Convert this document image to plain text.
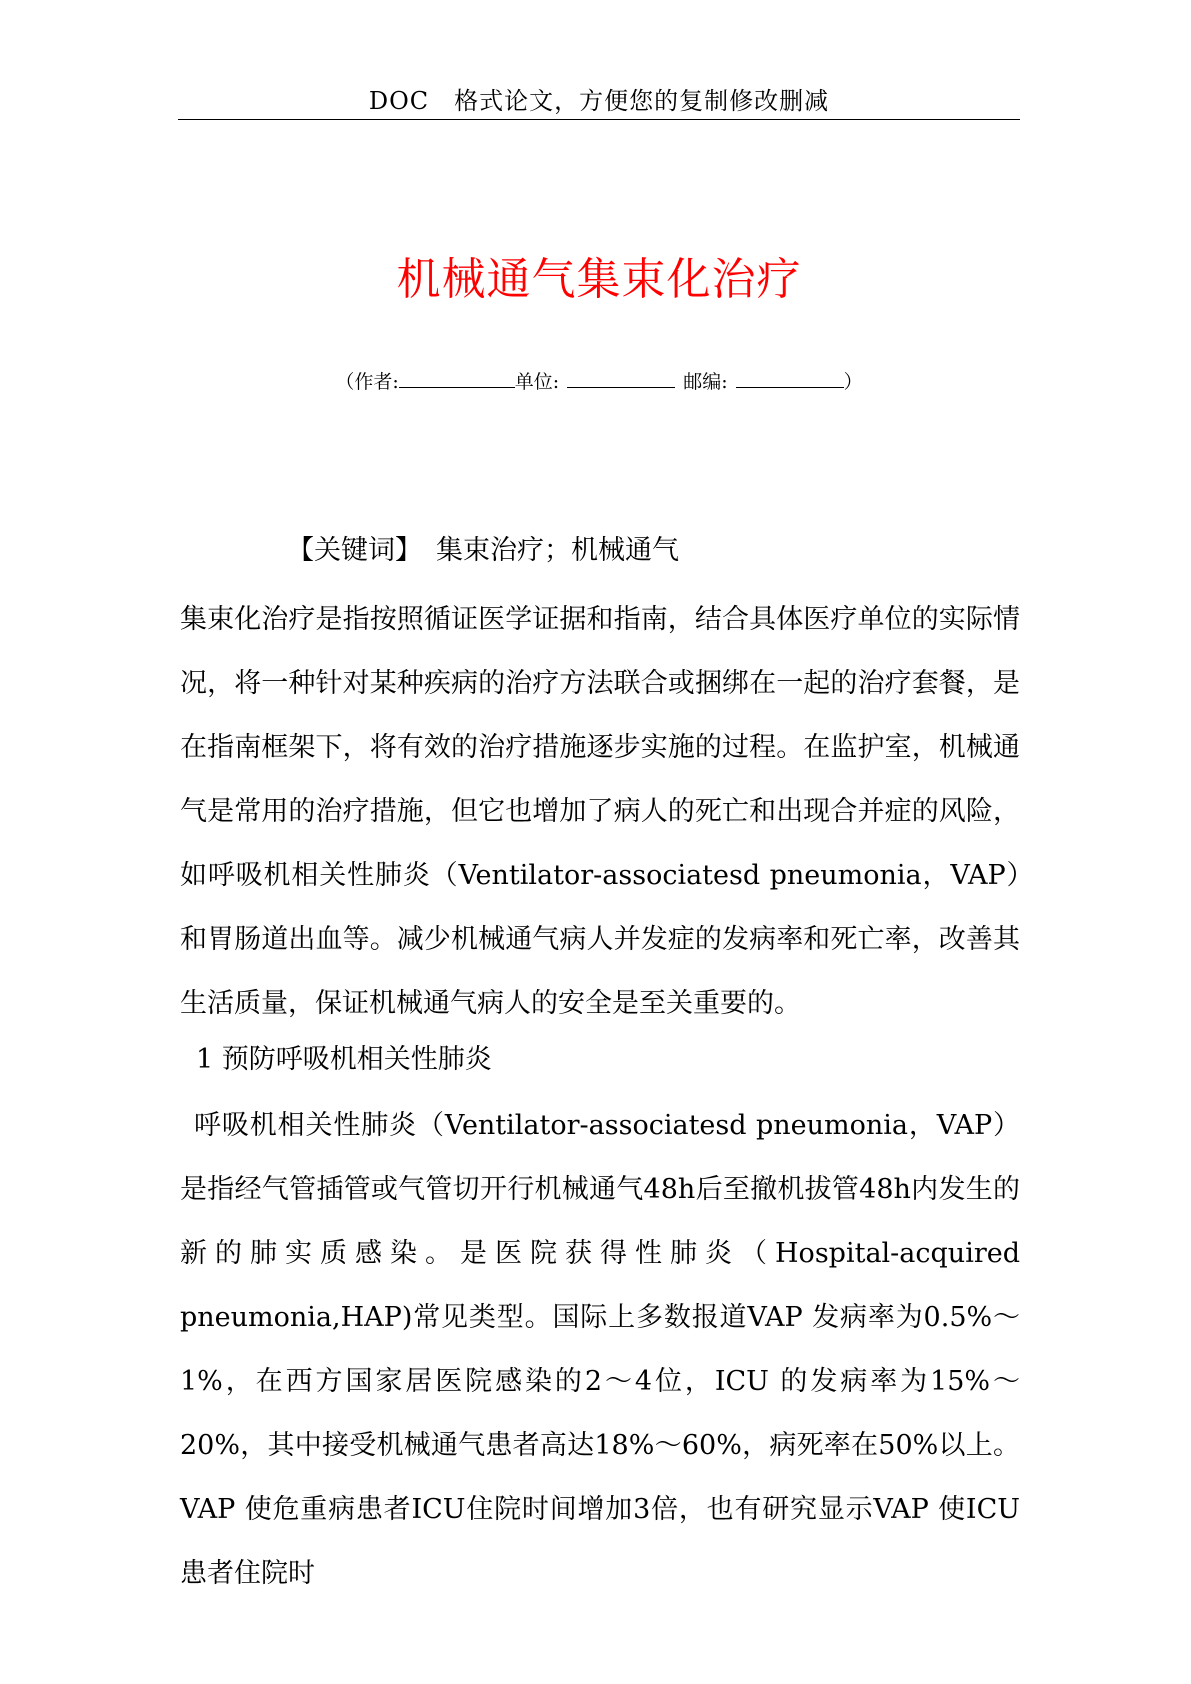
DOC　格式论文，方便您的复制修改删减
机械通气集束化治疗
（作者:	单位:	邮编:	）
【关键词】 集束治疗；机械通气

集束化治疗是指按照循证医学证据和指南，结合具体医疗单位的实际情况，将一种针对某种疾病的治疗方法联合或捆绑在一起的治疗套餐，是在指南框架下，将有效的治疗措施逐步实施的过程。在监护室，机械通气是常用的治疗措施，但它也增加了病人的死亡和出现合并症的风险，如呼吸机相关性肺炎（Ventilator-associatesd pneumonia，VAP）和胃肠道出血等。减少机械通气病人并发症的发病率和死亡率，改善其生活质量，保证机械通气病人的安全是至关重要的。

1 预防呼吸机相关性肺炎

呼吸机相关性肺炎（Ventilator-associatesd pneumonia，VAP）是指经气管插管或气管切开行机械通气48h后至撤机拔管48h内发生的新的肺实质感染。是医院获得性肺炎（Hospital-acquired pneumonia,HAP)常见类型。国际上多数报道VAP 发病率为0.5%～1%，在西方国家居医院感染的2～4位，ICU 的发病率为15%～20%，其中接受机械通气患者高达18%～60%，病死率在50%以上。VAP 使危重病患者ICU住院时间增加3倍，也有研究显示VAP 使ICU患者住院时
